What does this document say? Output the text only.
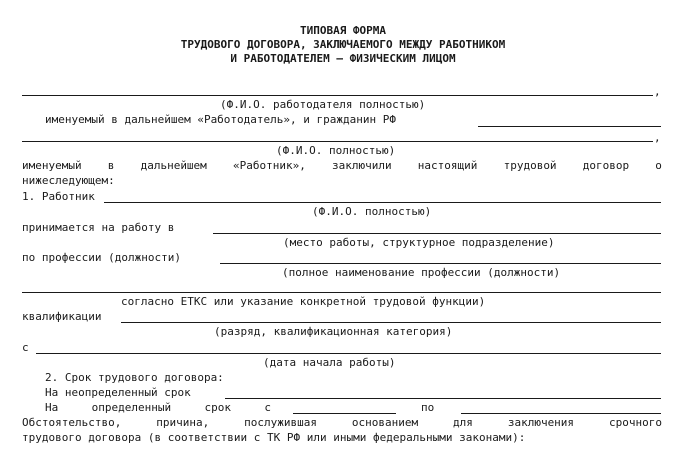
ТИПОВАЯ ФОРМА
ТРУДОВОГО ДОГОВОРА, ЗАКЛЮЧАЕМОГО МЕЖДУ РАБОТНИКОМ
И РАБОТОДАТЕЛЕМ – ФИЗИЧЕСКИМ ЛИЦОМ
,
(Ф.И.О. работодателя полностью)
именуемый в дальнейшем «Работодатель», и гражданин РФ
,
(Ф.И.О. полностью)
именуемый в дальнейшем «Работник», заключили настоящий трудовой договор о
нижеследующем:
1. Работник
(Ф.И.О. полностью)
принимается на работу в
(место работы, структурное подразделение)
по профессии (должности)
(полное наименование профессии (должности)
согласно ЕТКС или указание конкретной трудовой функции)
квалификации
(разряд, квалификационная категория)
с
(дата начала работы)
2. Срок трудового договора:
На неопределенный срок
На	определенный	срок	с	по
Обстоятельство,	причина,	послужившая	основанием	для	заключения	срочного
трудового договора (в соответствии с ТК РФ или иными федеральными законами):
